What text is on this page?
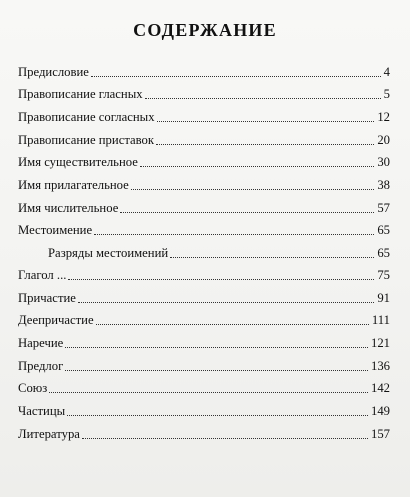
СОДЕРЖАНИЕ
Предисловие	4
Правописание гласных	5
Правописание согласных	12
Правописание приставок	20
Имя существительное	30
Имя прилагательное	38
Имя числительное	57
Местоимение	65
Разряды местоимений	65
Глагол ...	75
Причастие	91
Деепричастие	111
Наречие	121
Предлог	136
Союз	142
Частицы	149
Литература	157
